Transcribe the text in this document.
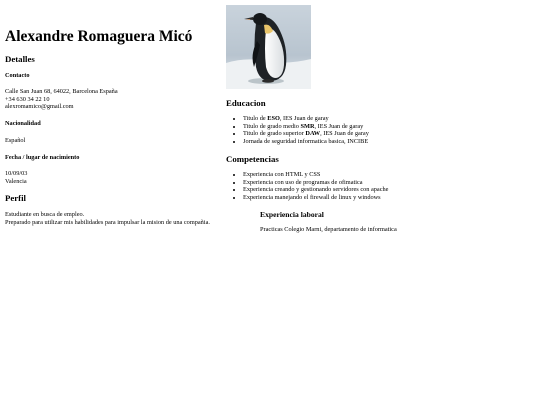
Alexandre Romaguera Micó
Detalles
Contacto
Calle San Juan 68, 64022, Barcelona España
+34 630 34 22 10
alexromamico@gmail.com
Nacionalidad
Español
Fecha / lugar de nacimiento
10/09/03
Valencia
Perfil
Estudiante en busca de empleo.
Preparado para utilizar mis habilidades para impulsar la mision de una compañia.
Educacion
• Titulo de ESO, IES Juan de garay
• Titulo de grado medio SMR, IES Juan de garay
• Titulo de grado superior DAW, IES Juan de garay
• Jornada de seguridad informatica basica, INCIBE
Competencias
• Experiencia con HTML y CSS
• Experiencia con uso de programas de ofimatica
• Experiencia creando y gestionando servidores con apache
• Experiencia manejando el firewall de linux y windows
Experiencia laboral
Practicas Colegio Marni, departamento de informatica
